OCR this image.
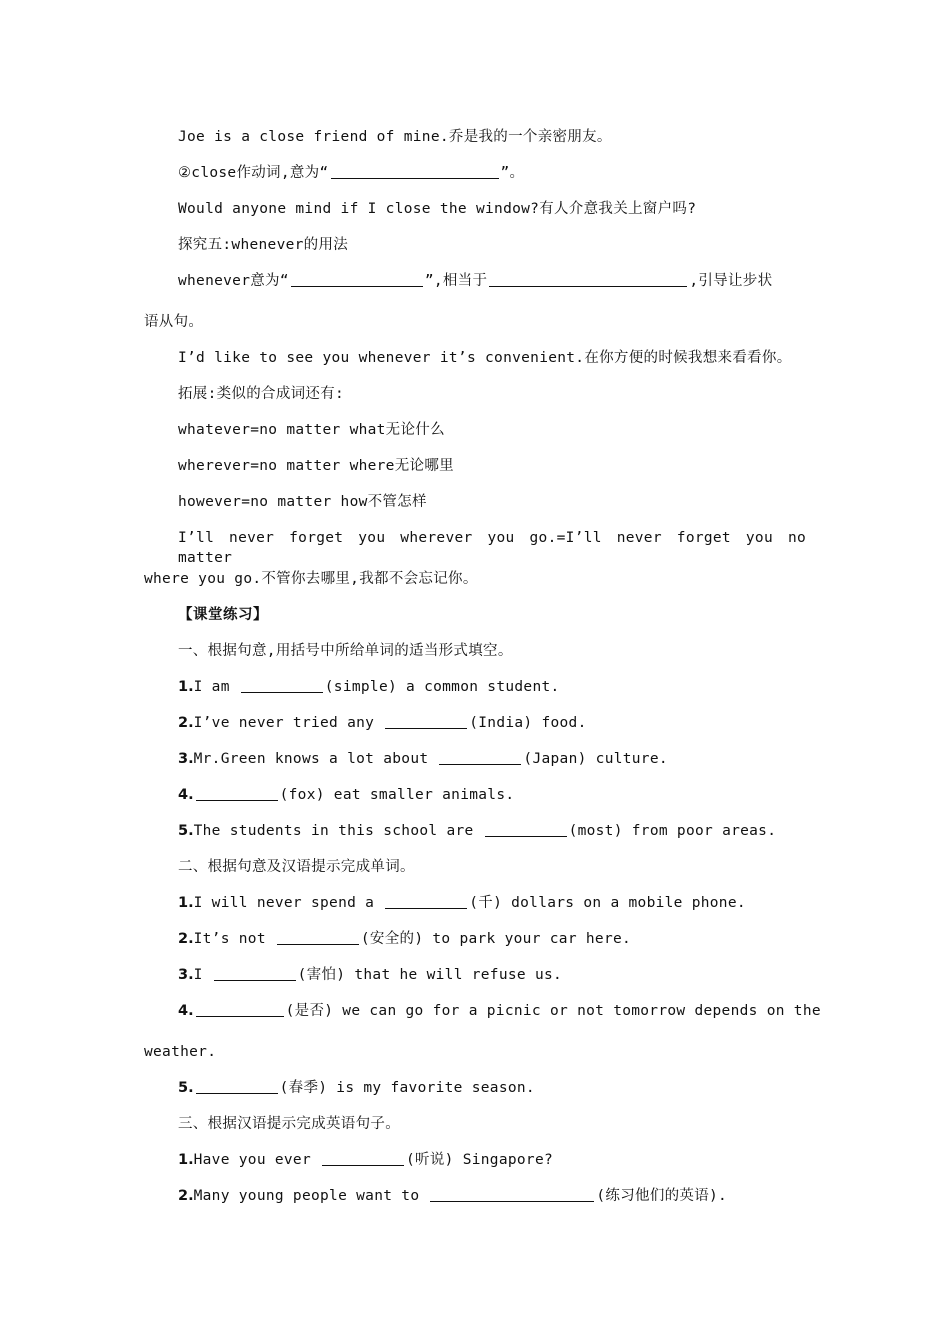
Joe is a close friend of mine.乔是我的一个亲密朋友。
②close作动词,意为“	”。
Would anyone mind if I close the window?有人介意我关上窗户吗?
探究五:whenever的用法
whenever意为“	”,相当于	,引导让步状
语从句。
I’d like to see you whenever it’s convenient.在你方便的时候我想来看看你。
拓展:类似的合成词还有:
whatever=no matter what无论什么
wherever=no matter where无论哪里
however=no matter how不管怎样
I’ll never forget you wherever you go.=I’ll never forget you no matter
where you go.不管你去哪里,我都不会忘记你。
【课堂练习】
一、根据句意,用括号中所给单词的适当形式填空。
1.I am	(simple) a common student.
2.I’ve never tried any	(India) food.
3.Mr.Green knows a lot about	(Japan) culture.
4.	(fox) eat smaller animals.
5.The students in this school are	(most) from poor areas.
二、根据句意及汉语提示完成单词。
1.I will never spend a	(千) dollars on a mobile phone.
2.It’s not	(安全的) to park your car here.
3.I	(害怕) that he will refuse us.
4.	(是否) we can go for a picnic or not tomorrow depends on the
weather.
5.	(春季) is my favorite season.
三、根据汉语提示完成英语句子。
1.Have you ever	(听说) Singapore?
2.Many young people want to	(练习他们的英语).
